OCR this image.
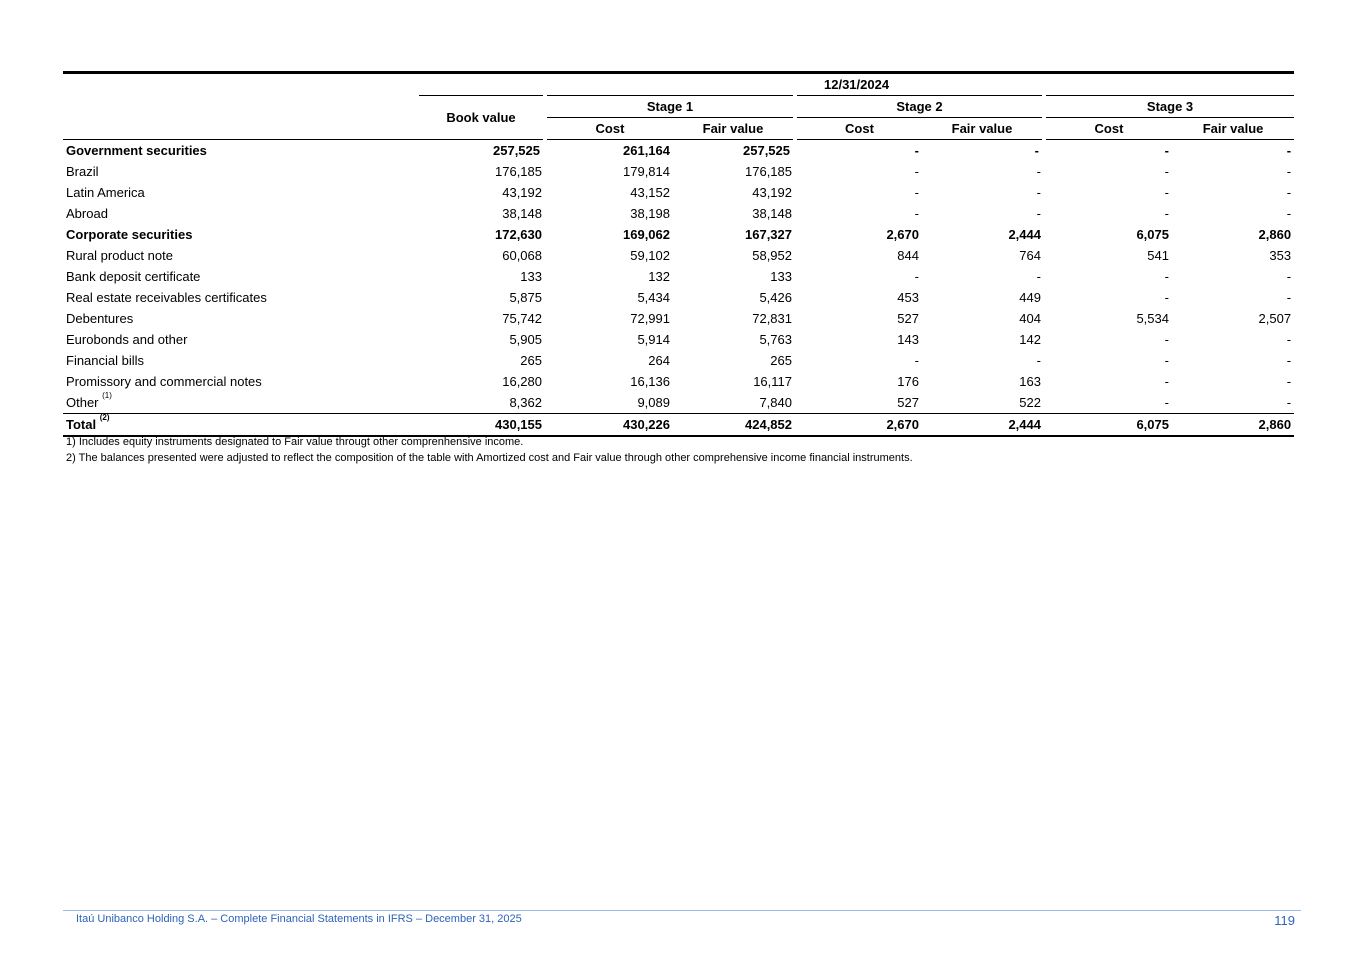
	12/31/2024						
	Book value	Stage 1		Stage 2		Stage 3	
		Cost	Fair value	Cost	Fair value	Cost	Fair value
Government securities	257,525	261,164	257,525	-	-	-	-
Brazil	176,185	179,814	176,185	-	-	-	-
Latin America	43,192	43,152	43,192	-	-	-	-
Abroad	38,148	38,198	38,148	-	-	-	-
Corporate securities	172,630	169,062	167,327	2,670	2,444	6,075	2,860
Rural product note	60,068	59,102	58,952	844	764	541	353
Bank deposit certificate	133	132	133	-	-	-	-
Real estate receivables certificates	5,875	5,434	5,426	453	449	-	-
Debentures	75,742	72,991	72,831	527	404	5,534	2,507
Eurobonds and other	5,905	5,914	5,763	143	142	-	-
Financial bills	265	264	265	-	-	-	-
Promissory and commercial notes	16,280	16,136	16,117	176	163	-	-
Other $^{(1)}$	8,362	9,089	7,840	527	522	-	-
Total $^{(2)}$	430,155	430,226	424,852	2,670	2,444	6,075	2,860
1) Includes equity instruments designated to Fair value througt other comprenhensive income.
2) The balances presented were adjusted to reflect the composition of the table with Amortized cost and Fair value through other comprehensive income financial instruments.
Itaú Unibanco Holding S.A. – Complete Financial Statements in IFRS – December 31, 2025	119
